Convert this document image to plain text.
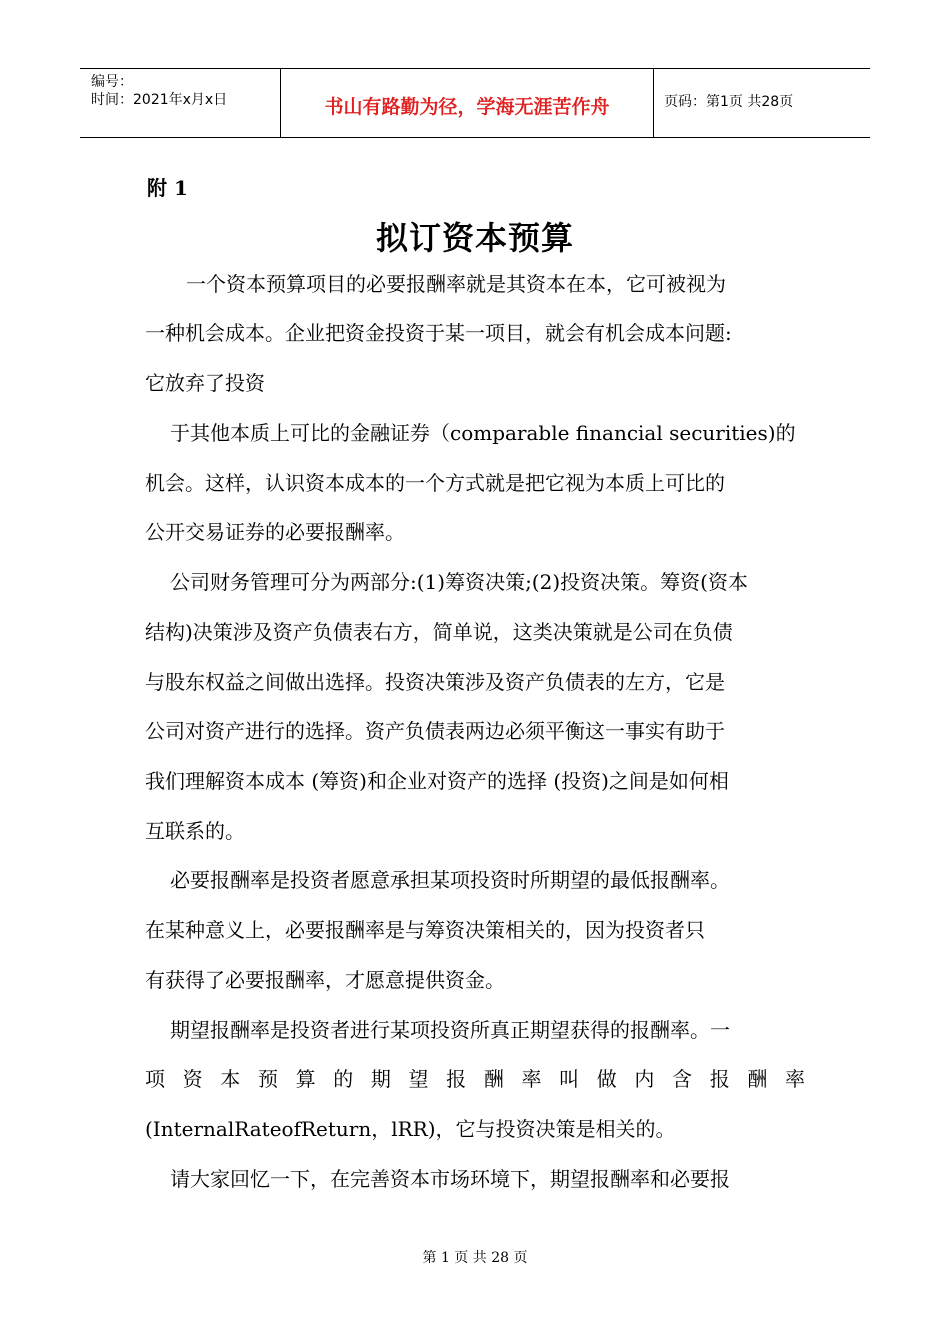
编号：
时间：2021年x月x日	书山有路勤为径，学海无涯苦作舟	页码：第1页 共28页
附 1
拟订资本预算
一个资本预算项目的必要报酬率就是其资本在本，它可被视为
一种机会成本。企业把资金投资于某一项目，就会有机会成本问题:
它放弃了投资
于其他本质上可比的金融证券（comparable financial securities)的
机会。这样，认识资本成本的一个方式就是把它视为本质上可比的
公开交易证券的必要报酬率。
公司财务管理可分为两部分:(1)筹资决策;(2)投资决策。筹资(资本
结构)决策涉及资产负债表右方，简单说，这类决策就是公司在负债
与股东权益之间做出选择。投资决策涉及资产负债表的左方，它是
公司对资产进行的选择。资产负债表两边必须平衡这一事实有助于
我们理解资本成本 (筹资)和企业对资产的选择 (投资)之间是如何相
互联系的。
必要报酬率是投资者愿意承担某项投资时所期望的最低报酬率。
在某种意义上，必要报酬率是与筹资决策相关的，因为投资者只
有获得了必要报酬率，才愿意提供资金。
期望报酬率是投资者进行某项投资所真正期望获得的报酬率。一
项 资 本 预 算 的 期 望 报 酬 率 叫 做 内 含 报 酬 率
(InternalRateofReturn，lRR)，它与投资决策是相关的。
请大家回忆一下，在完善资本市场环境下，期望报酬率和必要报
第 1 页 共 28 页
